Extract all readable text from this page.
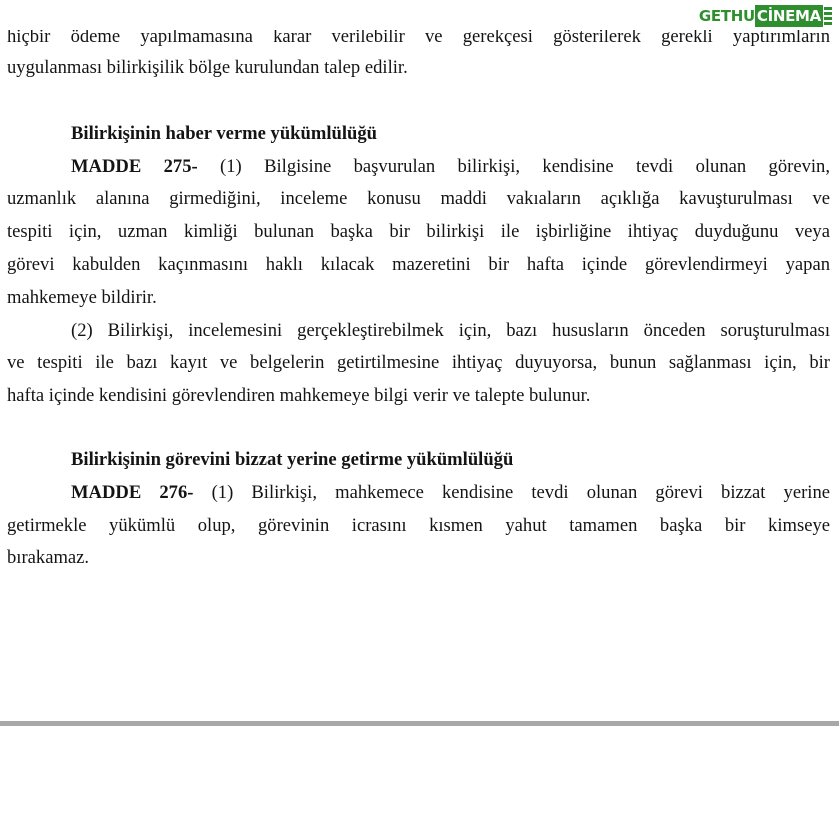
GETHU CİNEMA
hiçbir ödeme yapılmamasına karar verilebilir ve gerekçesi gösterilerek gerekli yaptırımların
uygulanması bilirkişilik bölge kurulundan talep edilir.
Bilirkişinin haber verme yükümlülüğü
MADDE 275- (1) Bilgisine başvurulan bilirkişi, kendisine tevdi olunan görevin,
uzmanlık alanına girmediğini, inceleme konusu maddi vakıaların açıklığa kavuşturulması ve
tespiti için, uzman kimliği bulunan başka bir bilirkişi ile işbirliğine ihtiyaç duyduğunu veya
görevi kabulden kaçınmasını haklı kılacak mazeretini bir hafta içinde görevlendirmeyi yapan
mahkemeye bildirir.
(2) Bilirkişi, incelemesini gerçekleştirebilmek için, bazı hususların önceden soruşturulması
ve tespiti ile bazı kayıt ve belgelerin getirtilmesine ihtiyaç duyuyorsa, bunun sağlanması için, bir
hafta içinde kendisini görevlendiren mahkemeye bilgi verir ve talepte bulunur.
Bilirkişinin görevini bizzat yerine getirme yükümlülüğü
MADDE 276- (1) Bilirkişi, mahkemece kendisine tevdi olunan görevi bizzat yerine
getirmekle yükümlü olup, görevinin icrasını kısmen yahut tamamen başka bir kimseye
bırakamaz.
